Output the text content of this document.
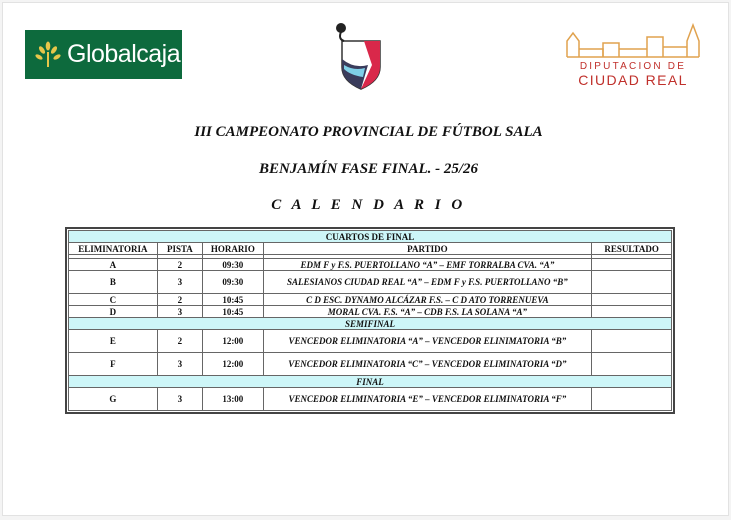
Globalcaja	DIPUTACION DE
CIUDAD REAL
III CAMPEONATO PROVINCIAL DE FÚTBOL SALA
BENJAMÍN FASE FINAL. - 25/26
C A L E N D A R I O
CUARTOS DE FINAL				
ELIMINATORIA	PISTA	HORARIO	PARTIDO	RESULTADO

A	2	09:30	EDM F y F.S. PUERTOLLANO “A” – EMF TORRALBA CVA. “A”	
B	3	09:30	SALESIANOS CIUDAD REAL “A” – EDM F y F.S. PUERTOLLANO “B”	
C	2	10:45	C D ESC. DYNAMO ALCÁZAR F.S. – C D ATO TORRENUEVA	
D	3	10:45	MORAL CVA. F.S. “A” – CDB F.S. LA SOLANA “A”	
SEMIFINAL				
E	2	12:00	VENCEDOR ELIMINATORIA “A” – VENCEDOR ELINIMATORIA “B”	
F	3	12:00	VENCEDOR ELIMINATORIA “C” – VENCEDOR ELIMINATORIA “D”	
FINAL				
G	3	13:00	VENCEDOR ELIMINATORIA “E” – VENCEDOR ELIMINATORIA “F”	
